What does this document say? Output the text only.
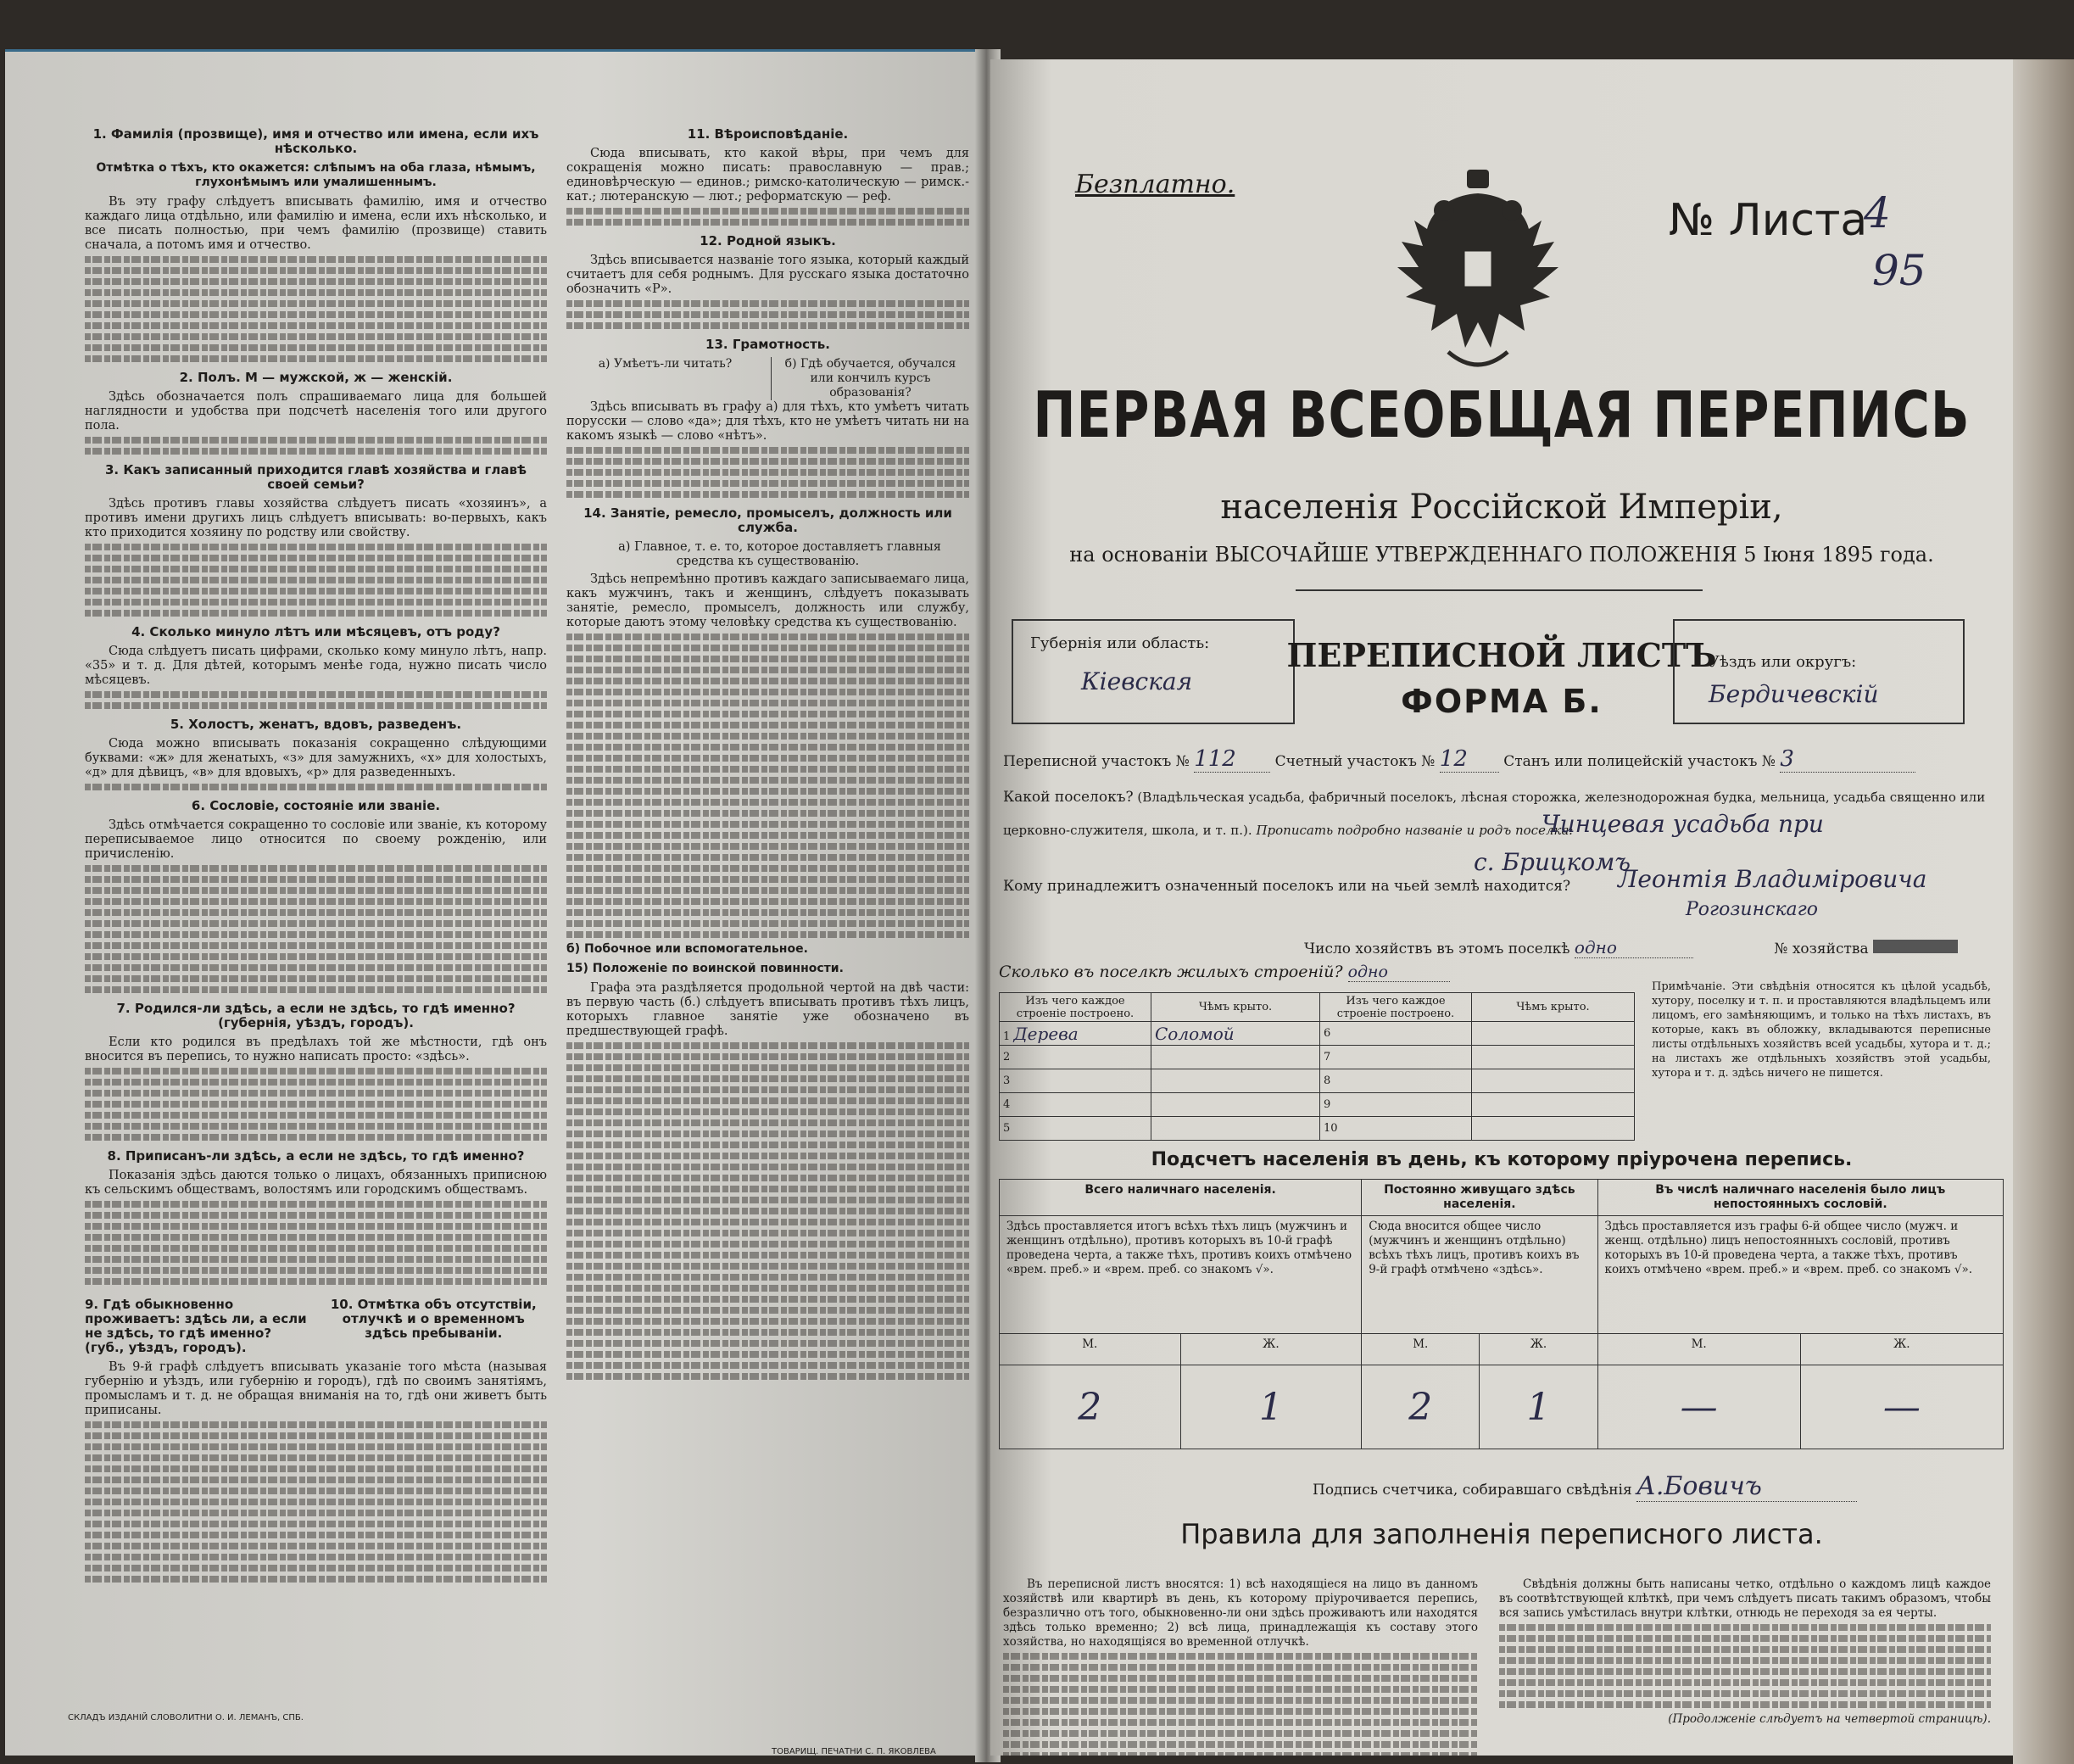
1. Фамилія (прозвище), имя и отчество или имена, если ихъ нѣсколько.
Отмѣтка о тѣхъ, кто окажется: слѣпымъ на оба глаза, нѣмымъ, глухонѣмымъ или умалишеннымъ.

Въ эту графу слѣдуетъ вписывать фамилію, имя и отчество каждаго лица отдѣльно, или фамилію и имена, если ихъ нѣсколько, и все писать полностью, при чемъ фамилію (прозвище) ставить сначала, а потомъ имя и отчество.

2. Полъ. М — мужской, ж — женскій.

Здѣсь обозначается полъ спрашиваемаго лица для большей наглядности и удобства при подсчетѣ населенія того или другого пола.

3. Какъ записанный приходится главѣ хозяйства и главѣ своей семьи?

Здѣсь противъ главы хозяйства слѣдуетъ писать «хозяинъ», а противъ имени другихъ лицъ слѣдуетъ вписывать: во-первыхъ, какъ кто приходится хозяину по родству или свойству.

4. Сколько минуло лѣтъ или мѣсяцевъ, отъ роду?

Сюда слѣдуетъ писать цифрами, сколько кому минуло лѣтъ, напр. «35» и т. д. Для дѣтей, которымъ менѣе года, нужно писать число мѣсяцевъ.

5. Холостъ, женатъ, вдовъ, разведенъ.

Сюда можно вписывать показанія сокращенно слѣдующими буквами: «ж» для женатыхъ, «з» для замужнихъ, «х» для холостыхъ, «д» для дѣвицъ, «в» для вдовыхъ, «р» для разведенныхъ.

6. Сословіе, состояніе или званіе.

Здѣсь отмѣчается сокращенно то сословіе или званіе, къ которому переписываемое лицо относится по своему рожденію, или причисленію.

7. Родился-ли здѣсь, а если не здѣсь, то гдѣ именно? (губернія, уѣздъ, городъ).

Если кто родился въ предѣлахъ той же мѣстности, гдѣ онъ вносится въ перепись, то нужно написать просто: «здѣсь».

8. Приписанъ-ли здѣсь, а если не здѣсь, то гдѣ именно?

Показанія здѣсь даются только о лицахъ, обязанныхъ приписною къ сельскимъ обществамъ, волостямъ или городскимъ обществамъ.

9. Гдѣ обыкновенно проживаетъ: здѣсь ли, а если не здѣсь, то гдѣ именно? (губ., уѣздъ, городъ).
10. Отмѣтка объ отсутствіи, отлучкѣ и о временномъ здѣсь пребываніи.

Въ 9-й графѣ слѣдуетъ вписывать указаніе того мѣста (называя губернію и уѣздъ, или губернію и городъ), гдѣ по своимъ занятіямъ, промысламъ и т. д. не обращая вниманія на то, гдѣ они живетъ быть приписаны.

11. Вѣроисповѣданіе.

Сюда вписывать, кто какой вѣры, при чемъ для сокращенія можно писать: православную — прав.; единовѣрческую — единов.; римско-католическую — римск.-кат.; лютеранскую — лют.; реформатскую — реф.

12. Родной языкъ.

Здѣсь вписывается названіе того языка, который каждый считаетъ для себя роднымъ. Для русскаго языка достаточно обозначить «Р».

13. Грамотность.
а) Умѣетъ-ли читать?	б) Гдѣ обучается, обучался или кончилъ курсъ образованія?

Здѣсь вписывать въ графу а) для тѣхъ, кто умѣетъ читать порусски — слово «да»; для тѣхъ, кто не умѣетъ читать ни на какомъ языкѣ — слово «нѣтъ».

14. Занятіе, ремесло, промыселъ, должность или служба.

а) Главное, т. е. то, которое доставляетъ главныя средства къ существованію.

Здѣсь непремѣнно противъ каждаго записываемаго лица, какъ мужчинъ, такъ и женщинъ, слѣдуетъ показывать занятіе, ремесло, промыселъ, должность или службу, которые даютъ этому человѣку средства къ существованію.

б) Побочное или вспомогательное.
15) Положеніе по воинской повинности.

Графа эта раздѣляется продольной чертой на двѣ части: въ первую часть (б.) слѣдуетъ вписывать противъ тѣхъ лицъ, которыхъ главное занятіе уже обозначено въ предшествующей графѣ.

СКЛАДЪ ИЗДАНІЙ СЛОВОЛИТНИ О. И. ЛЕМАНЪ, СПБ.
ТОВАРИЩ. ПЕЧАТНИ С. П. ЯКОВЛЕВА
Безплатно.
№ Листа
4
95
ПЕРВАЯ ВСЕОБЩАЯ ПЕРЕПИСЬ
населенія Россійской Имперіи,
на основаніи ВЫСОЧАЙШЕ УТВЕРЖДЕННАГО ПОЛОЖЕНІЯ 5 Іюня 1895 года.
Губернія или область:
Кіевская
ПЕРЕПИСНОЙ ЛИСТЪ
ФОРМА Б.
Уѣздъ или округъ:
Бердичевскій
Переписной участокъ № 112	Счетный участокъ № 12 Станъ или полицейскій участокъ № 3
Какой поселокъ? (Владѣльческая усадьба, фабричный поселокъ, лѣсная сторожка, железнодорожная будка, мельница, усадьба священно или
церковно-служителя, школа, и т. п.). Прописать подробно названіе и родъ поселка:
Чинцевая усадьба при
с. Брицкомъ
Кому принадлежитъ означенный поселокъ или на чьей землѣ находится? Леонтія Владиміровича
Рогозинскаго
Число хозяйствъ въ этомъ поселкѣ одно	№ хозяйства
Сколько въ поселкѣ жилыхъ строеній? одно
Изъ чего каждое строеніе построено.	Чѣмъ крыто.	Изъ чего каждое строеніе построено.	Чѣмъ крыто.
1 Дерева	Соломой	6	
2		7	
3		8	
4		9	
5		10	
Примѣчаніе. Эти свѣдѣнія относятся къ цѣлой усадьбѣ, хутору, поселку и т. п. и проставляются владѣльцемъ или лицомъ, его замѣняющимъ, и только на тѣхъ листахъ, въ которые, какъ въ обложку, вкладываются переписные листы отдѣльныхъ хозяйствъ всей усадьбы, хутора и т. д.; на листахъ же отдѣльныхъ хозяйствъ этой усадьбы, хутора и т. д. здѣсь ничего не пишется.
Подсчетъ населенія въ день, къ которому пріурочена перепись.
Всего наличнаго населенія.		Постоянно живущаго здѣсь населенія.		Въ числѣ наличнаго населенія было лицъ непостоянныхъ сословій.	
Здѣсь проставляется итогъ всѣхъ тѣхъ лицъ (мужчинъ и женщинъ отдѣльно), противъ которыхъ въ 10-й графѣ проведена черта, а также тѣхъ, противъ коихъ отмѣчено «врем. преб.» и «врем. преб. со знакомъ √».		Сюда вносится общее число (мужчинъ и женщинъ отдѣльно) всѣхъ тѣхъ лицъ, противъ коихъ въ 9-й графѣ отмѣчено «здѣсь».		Здѣсь проставляется изъ графы 6-й общее число (мужч. и женщ. отдѣльно) лицъ непостоянныхъ сословій, противъ которыхъ въ 10-й проведена черта, а также тѣхъ, противъ коихъ отмѣчено «врем. преб.» и «врем. преб. со знакомъ √».	
М.	Ж.	М.	Ж.	М.	Ж.
2	1	2	1	—	—
Подпись счетчика, собиравшаго свѣдѣнія А.Бовичъ
Правила для заполненія переписного листа.

Въ переписной листъ вносятся: 1) всѣ находящіеся на лицо въ данномъ хозяйствѣ или квартирѣ въ день, къ которому пріурочивается перепись, безразлично отъ того, обыкновенно-ли они здѣсь проживаютъ или находятся здѣсь только временно; 2) всѣ лица, принадлежащія къ составу этого хозяйства, но находящіяся во временной отлучкѣ.

Свѣдѣнія должны быть написаны четко, отдѣльно о каждомъ лицѣ каждое въ соотвѣтствующей клѣткѣ, при чемъ слѣдуетъ писать такимъ образомъ, чтобы вся запись умѣстилась внутри клѣтки, отнюдь не переходя за ея черты.

(Продолженіе слѣдуетъ на четвертой страницѣ).
